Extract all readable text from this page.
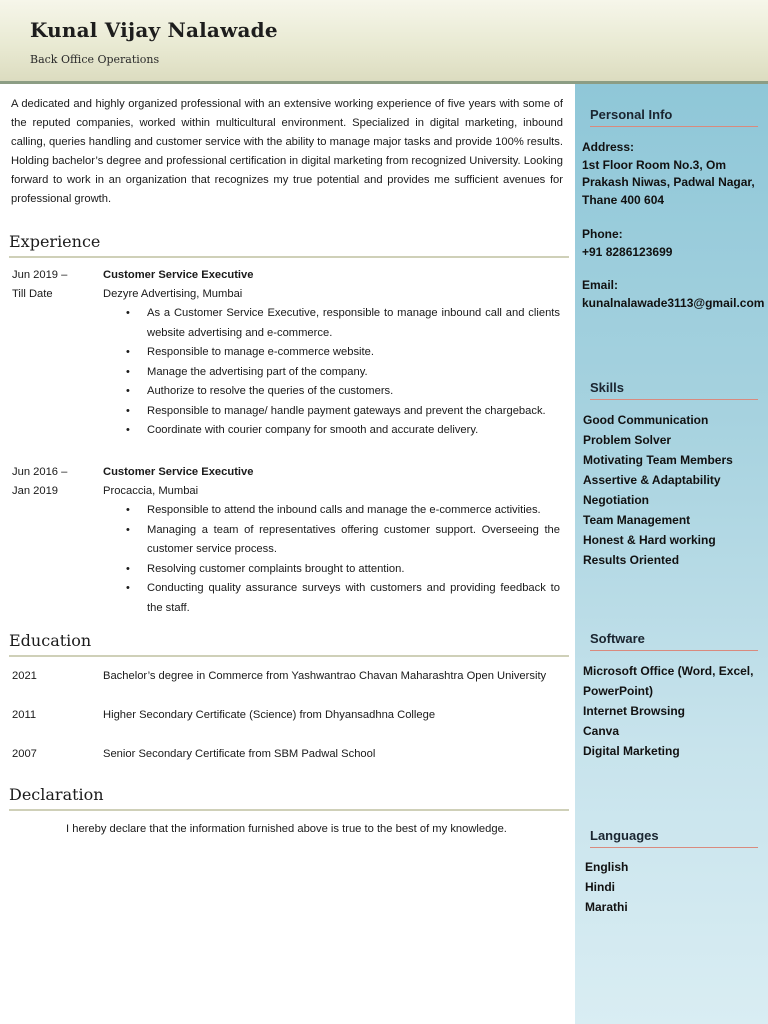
Kunal Vijay Nalawade
Back Office Operations
A dedicated and highly organized professional with an extensive working experience of five years with some of the reputed companies, worked within multicultural environment. Specialized in digital marketing, inbound calling, queries handling and customer service with the ability to manage major tasks and provide 100% results. Holding bachelor’s degree and professional certification in digital marketing from recognized University. Looking forward to work in an organization that recognizes my true potential and provides me sufficient avenues for professional growth.
Experience
Jun 2019 –
Till Date
Customer Service Executive
Dezyre Advertising, Mumbai
• As a Customer Service Executive, responsible to manage inbound call and clients website advertising and e-commerce.
• Responsible to manage e-commerce website.
• Manage the advertising part of the company.
• Authorize to resolve the queries of the customers.
• Responsible to manage/ handle payment gateways and prevent the chargeback.
• Coordinate with courier company for smooth and accurate delivery.
Jun 2016 –
Jan 2019
Customer Service Executive
Procaccia, Mumbai
• Responsible to attend the inbound calls and manage the e-commerce activities.
• Managing a team of representatives offering customer support. Overseeing the customer service process.
• Resolving customer complaints brought to attention.
• Conducting quality assurance surveys with customers and providing feedback to the staff.
Education
2021	Bachelor’s degree in Commerce from Yashwantrao Chavan Maharashtra Open University
2011	Higher Secondary Certificate (Science) from Dhyansadhna College
2007	Senior Secondary Certificate from SBM Padwal School
Declaration
I hereby declare that the information furnished above is true to the best of my knowledge.
Personal Info
Address:
1st Floor Room No.3, Om
Prakash Niwas, Padwal Nagar,
Thane 400 604
Phone:
+91 8286123699
Email:
kunalnalawade3113@gmail.com
Skills
Good Communication
Problem Solver
Motivating Team Members
Assertive & Adaptability
Negotiation
Team Management
Honest & Hard working
Results Oriented
Software
Microsoft Office (Word, Excel,
PowerPoint)
Internet Browsing
Canva
Digital Marketing
Languages
English
Hindi
Marathi
